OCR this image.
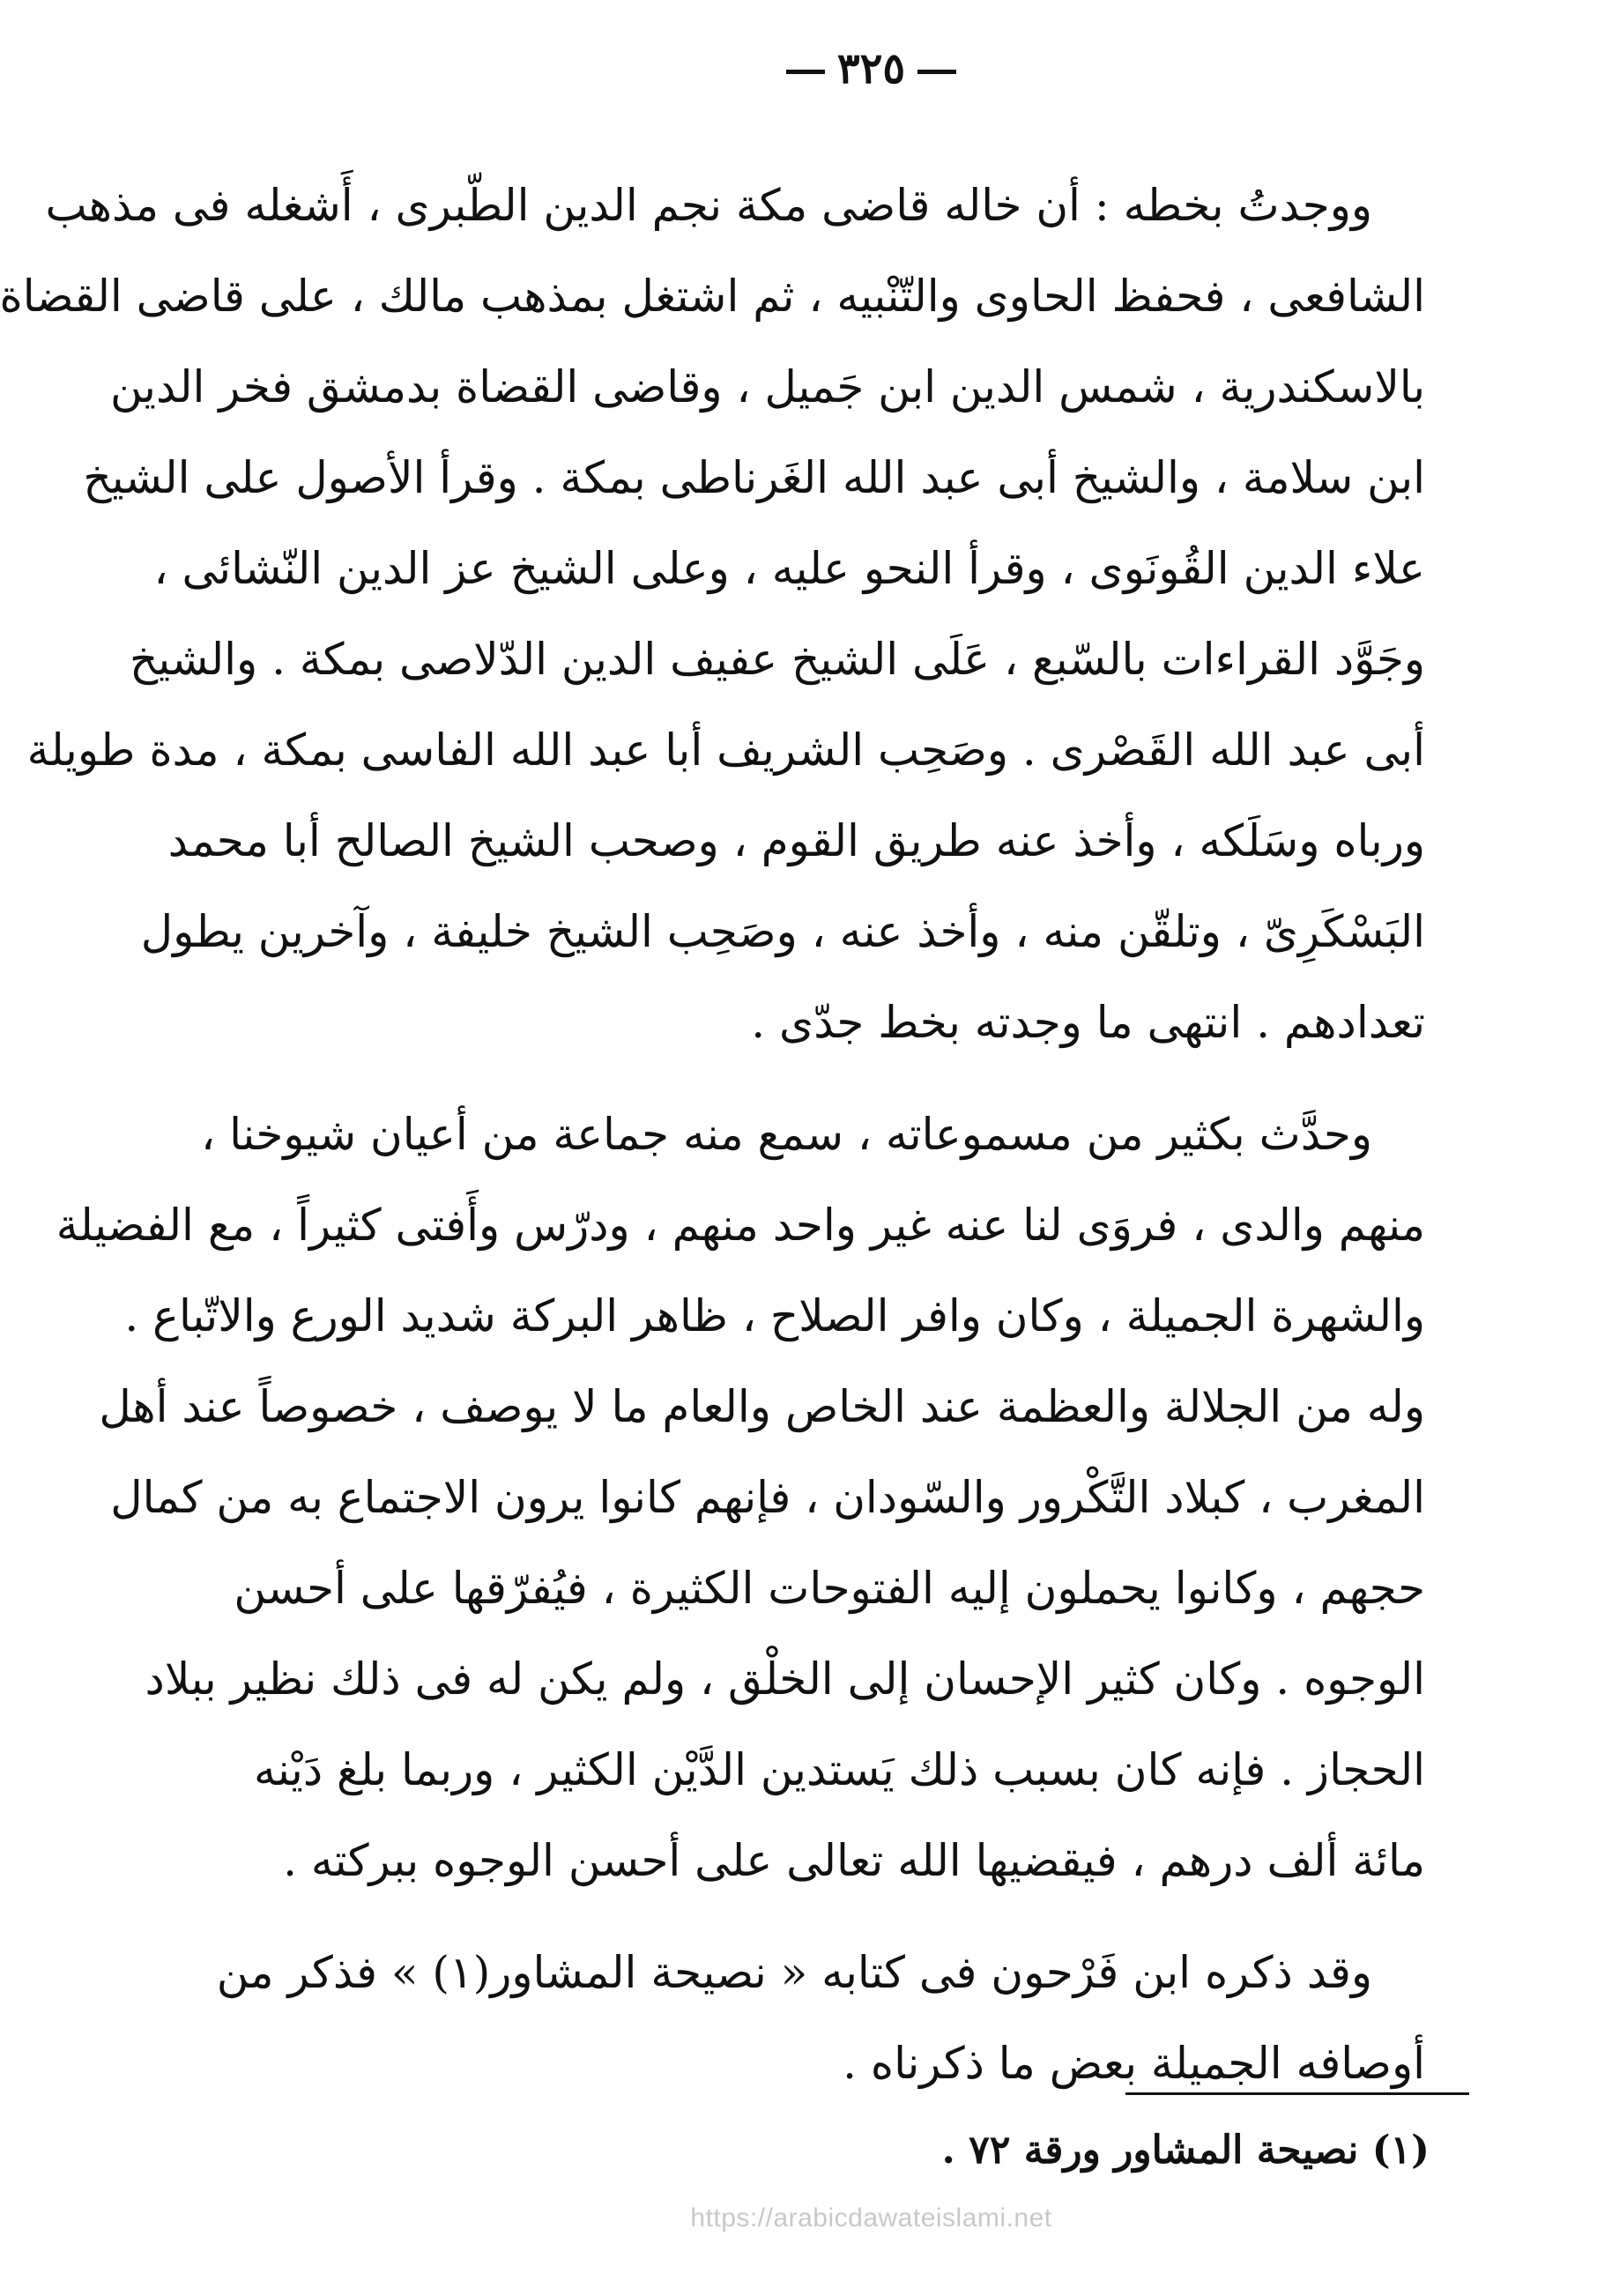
٣٢٥
ووجدتُ بخطه : أن خاله قاضى مكة نجم الدين الطّبرى ، أَشغله فى مذهب
الشافعى ، فحفظ الحاوى والتّنْبيه ، ثم اشتغل بمذهب مالك ، على قاضى القضاة
بالاسكندرية ، شمس الدين ابن جَميل ، وقاضى القضاة بدمشق فخر الدين
ابن سلامة ، والشيخ أبى عبد الله الغَرناطى بمكة . وقرأ الأصول على الشيخ
علاء الدين القُونَوى ، وقرأ النحو عليه ، وعلى الشيخ عز الدين النّشائى ،
وجَوَّد القراءات بالسّبع ، عَلَى الشيخ عفيف الدين الدّلاصى بمكة . والشيخ
أبى عبد الله القَصْرى . وصَحِب الشريف أبا عبد الله الفاسى بمكة ، مدة طويلة
ورباه وسَلَكه ، وأخذ عنه طريق القوم ، وصحب الشيخ الصالح أبا محمد
البَسْكَرِىّ ، وتلقّن منه ، وأخذ عنه ، وصَحِب الشيخ خليفة ، وآخرين يطول
تعدادهم . انتهى ما وجدته بخط جدّى .
وحدَّث بكثير من مسموعاته ، سمع منه جماعة من أعيان شيوخنا ،
منهم والدى ، فروَى لنا عنه غير واحد منهم ، ودرّس وأَفتى كثيراً ، مع الفضيلة
والشهرة الجميلة ، وكان وافر الصلاح ، ظاهر البركة شديد الورع والاتّباع .
وله من الجلالة والعظمة عند الخاص والعام ما لا يوصف ، خصوصاً عند أهل
المغرب ، كبلاد التَّكْرور والسّودان ، فإنهم كانوا يرون الاجتماع به من كمال
حجهم ، وكانوا يحملون إليه الفتوحات الكثيرة ، فيُفرّقها على أحسن
الوجوه . وكان كثير الإحسان إلى الخلْق ، ولم يكن له فى ذلك نظير ببلاد
الحجاز . فإنه كان بسبب ذلك يَستدين الدَّيْن الكثير ، وربما بلغ دَيْنه
مائة ألف درهم ، فيقضيها الله تعالى على أحسن الوجوه ببركته .
وقد ذكره ابن فَرْحون فى كتابه « نصيحة المشاور(١) » فذكر من
أوصافه الجميلة بعض ما ذكرناه .
(١) نصيحة المشاور ورقة ٧٢ .
https://arabicdawateislami.net
